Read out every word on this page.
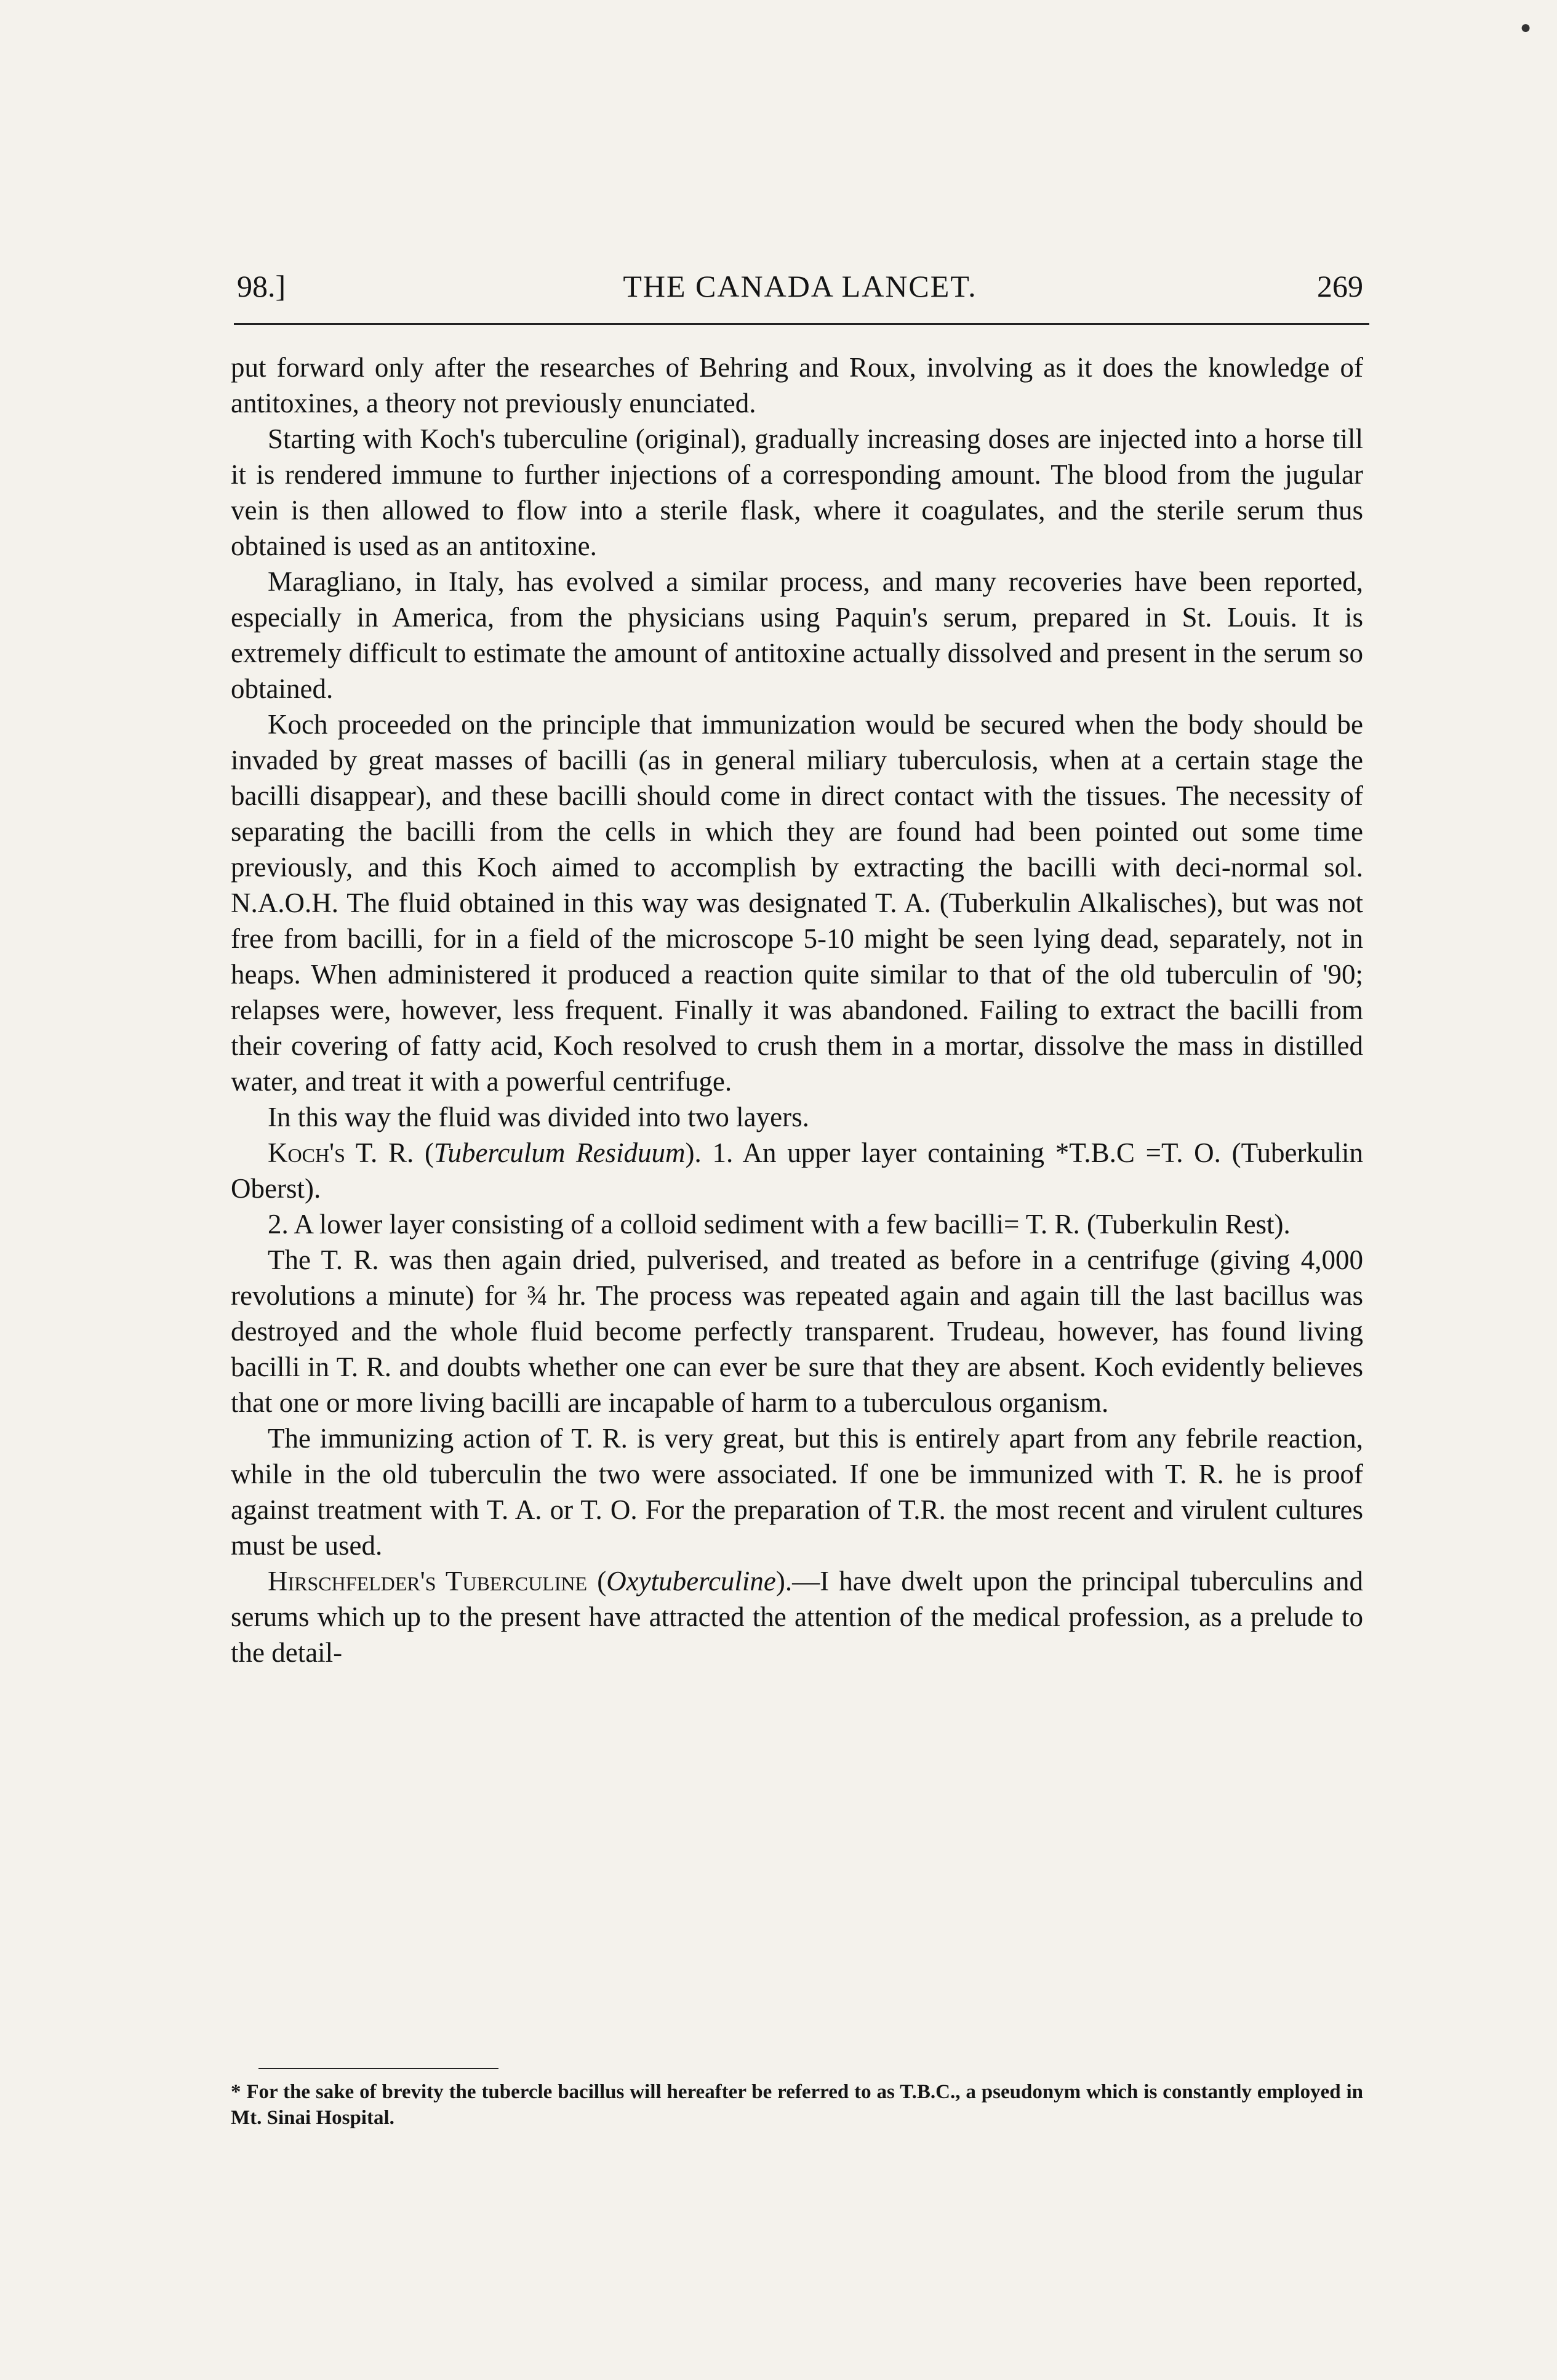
98.]	THE CANADA LANCET.	269

put forward only after the researches of Behring and Roux, involving as it does the knowledge of antitoxines, a theory not previously enunciated.

Starting with Koch's tuberculine (original), gradually increasing doses are injected into a horse till it is rendered immune to further injections of a corresponding amount. The blood from the jugular vein is then allowed to flow into a sterile flask, where it coagulates, and the sterile serum thus obtained is used as an antitoxine.

Maragliano, in Italy, has evolved a similar process, and many recoveries have been reported, especially in America, from the physicians using Paquin's serum, prepared in St. Louis. It is extremely difficult to estimate the amount of antitoxine actually dissolved and present in the serum so obtained.

Koch proceeded on the principle that immunization would be secured when the body should be invaded by great masses of bacilli (as in general miliary tuberculosis, when at a certain stage the bacilli disappear), and these bacilli should come in direct contact with the tissues. The necessity of separating the bacilli from the cells in which they are found had been pointed out some time previously, and this Koch aimed to accomplish by extracting the bacilli with deci-normal sol. N.A.O.H. The fluid obtained in this way was designated T. A. (Tuberkulin Alkalisches), but was not free from bacilli, for in a field of the microscope 5-10 might be seen lying dead, separately, not in heaps. When administered it produced a reaction quite similar to that of the old tuberculin of '90; relapses were, however, less frequent. Finally it was abandoned. Failing to extract the bacilli from their covering of fatty acid, Koch resolved to crush them in a mortar, dissolve the mass in distilled water, and treat it with a powerful centrifuge.

In this way the fluid was divided into two layers.

Koch's T. R. (Tuberculum Residuum). 1. An upper layer containing *T.B.C =T. O. (Tuberkulin Oberst).

2. A lower layer consisting of a colloid sediment with a few bacilli= T. R. (Tuberkulin Rest).

The T. R. was then again dried, pulverised, and treated as before in a centrifuge (giving 4,000 revolutions a minute) for ¾ hr. The process was repeated again and again till the last bacillus was destroyed and the whole fluid become perfectly transparent. Trudeau, however, has found living bacilli in T. R. and doubts whether one can ever be sure that they are absent. Koch evidently believes that one or more living bacilli are incapable of harm to a tuberculous organism.

The immunizing action of T. R. is very great, but this is entirely apart from any febrile reaction, while in the old tuberculin the two were associated. If one be immunized with T. R. he is proof against treatment with T. A. or T. O. For the preparation of T.R. the most recent and virulent cultures must be used.

Hirschfelder's Tuberculine (Oxytuberculine).—I have dwelt upon the principal tuberculins and serums which up to the present have attracted the attention of the medical profession, as a prelude to the detail-

* For the sake of brevity the tubercle bacillus will hereafter be referred to as T.B.C., a pseudonym which is constantly employed in Mt. Sinai Hospital.
●
